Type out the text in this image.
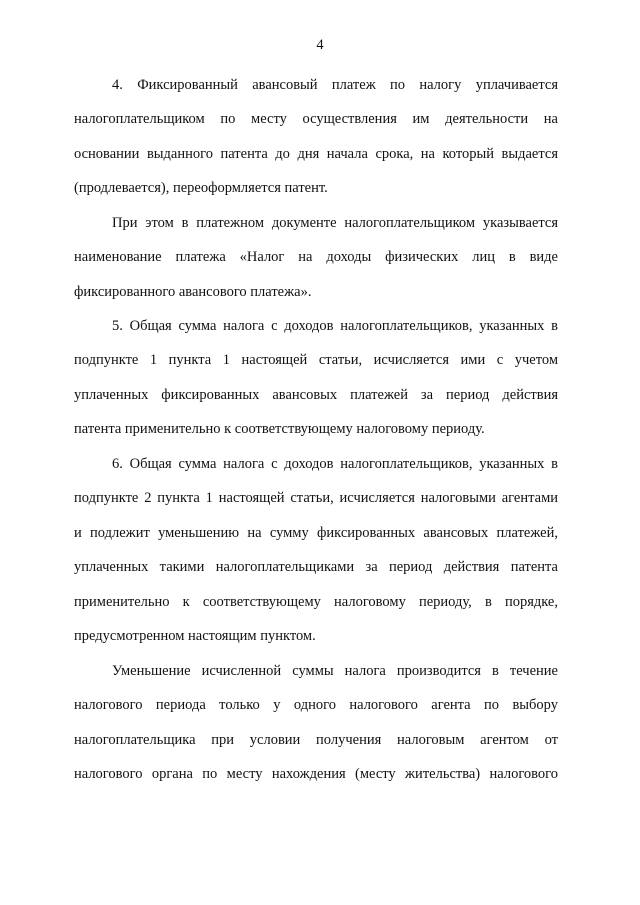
4
4. Фиксированный авансовый платеж по налогу уплачивается
налогоплательщиком по месту осуществления им деятельности на
основании выданного патента до дня начала срока, на который выдается
(продлевается), переоформляется патент.
При этом в платежном документе налогоплательщиком указывается
наименование платежа «Налог на доходы физических лиц в виде
фиксированного авансового платежа».
5. Общая сумма налога с доходов налогоплательщиков, указанных в
подпункте 1 пункта 1 настоящей статьи, исчисляется ими с учетом
уплаченных фиксированных авансовых платежей за период действия
патента применительно к соответствующему налоговому периоду.
6. Общая сумма налога с доходов налогоплательщиков, указанных в
подпункте 2 пункта 1 настоящей статьи, исчисляется налоговыми агентами
и подлежит уменьшению на сумму фиксированных авансовых платежей,
уплаченных такими налогоплательщиками за период действия патента
применительно к соответствующему налоговому периоду, в порядке,
предусмотренном настоящим пунктом.
Уменьшение исчисленной суммы налога производится в течение
налогового периода только у одного налогового агента по выбору
налогоплательщика при условии получения налоговым агентом от
налогового органа по месту нахождения (месту жительства) налогового
